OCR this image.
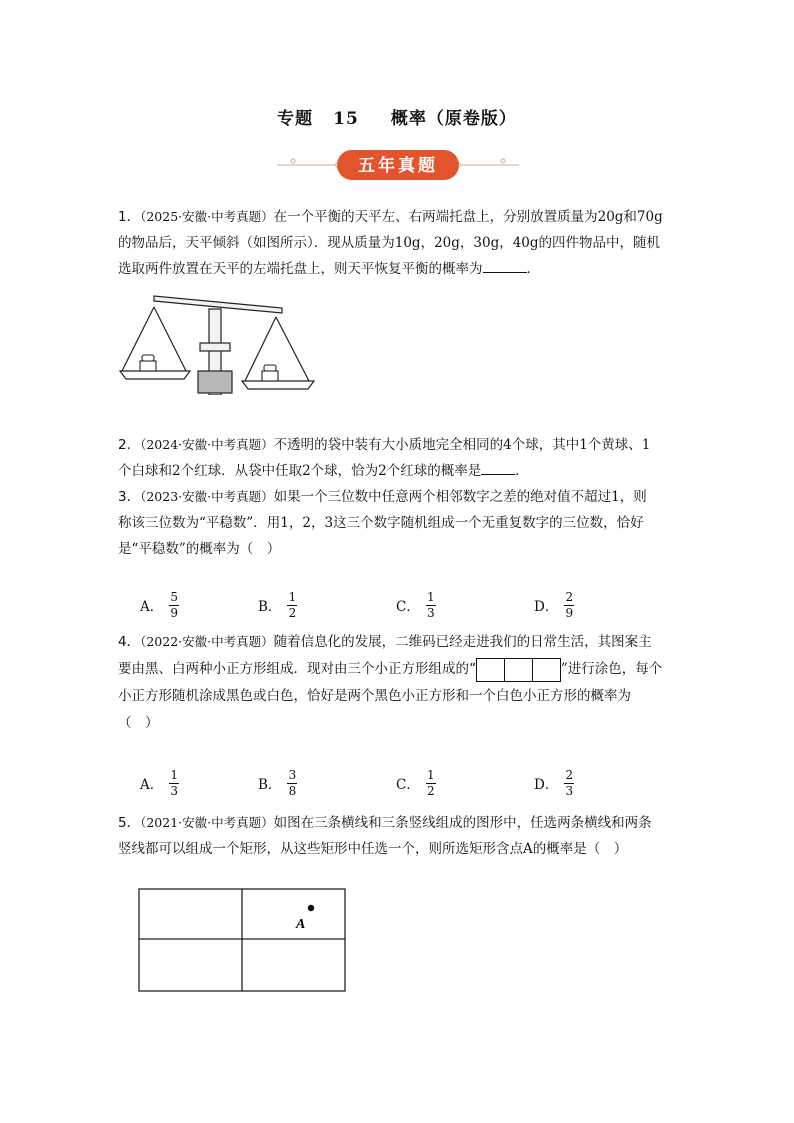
专题 15 概率（原卷版）
五年真题
1．（2025·安徽·中考真题）在一个平衡的天平左、右两端托盘上，分别放置质量为20g和70g
的物品后，天平倾斜（如图所示）．现从质量为10g，20g，30g，40g的四件物品中，随机
选取两件放置在天平的左端托盘上，则天平恢复平衡的概率为	．
2．（2024·安徽·中考真题）不透明的袋中装有大小质地完全相同的4个球，其中1个黄球、1
个白球和2个红球．从袋中任取2个球，恰为2个红球的概率是	．
3．（2023·安徽·中考真题）如果一个三位数中任意两个相邻数字之差的绝对值不超过1，则
称该三位数为“平稳数”．用1，2，3这三个数字随机组成一个无重复数字的三位数，恰好
是“平稳数”的概率为（　）
A． $\frac{5}{9}$	B． $\frac{1}{2}$	C． $\frac{1}{3}$	D． $\frac{2}{9}$
4．（2022·安徽·中考真题）随着信息化的发展，二维码已经走进我们的日常生活，其图案主
要由黑、白两种小正方形组成．现对由三个小正方形组成的“	”进行涂色，每个
小正方形随机涂成黑色或白色，恰好是两个黑色小正方形和一个白色小正方形的概率为
（　）
A． $\frac{1}{3}$	B． $\frac{3}{8}$	C． $\frac{1}{2}$	D． $\frac{2}{3}$
5．（2021·安徽·中考真题）如图在三条横线和三条竖线组成的图形中，任选两条横线和两条
竖线都可以组成一个矩形，从这些矩形中任选一个，则所选矩形含点A的概率是（　）
A
